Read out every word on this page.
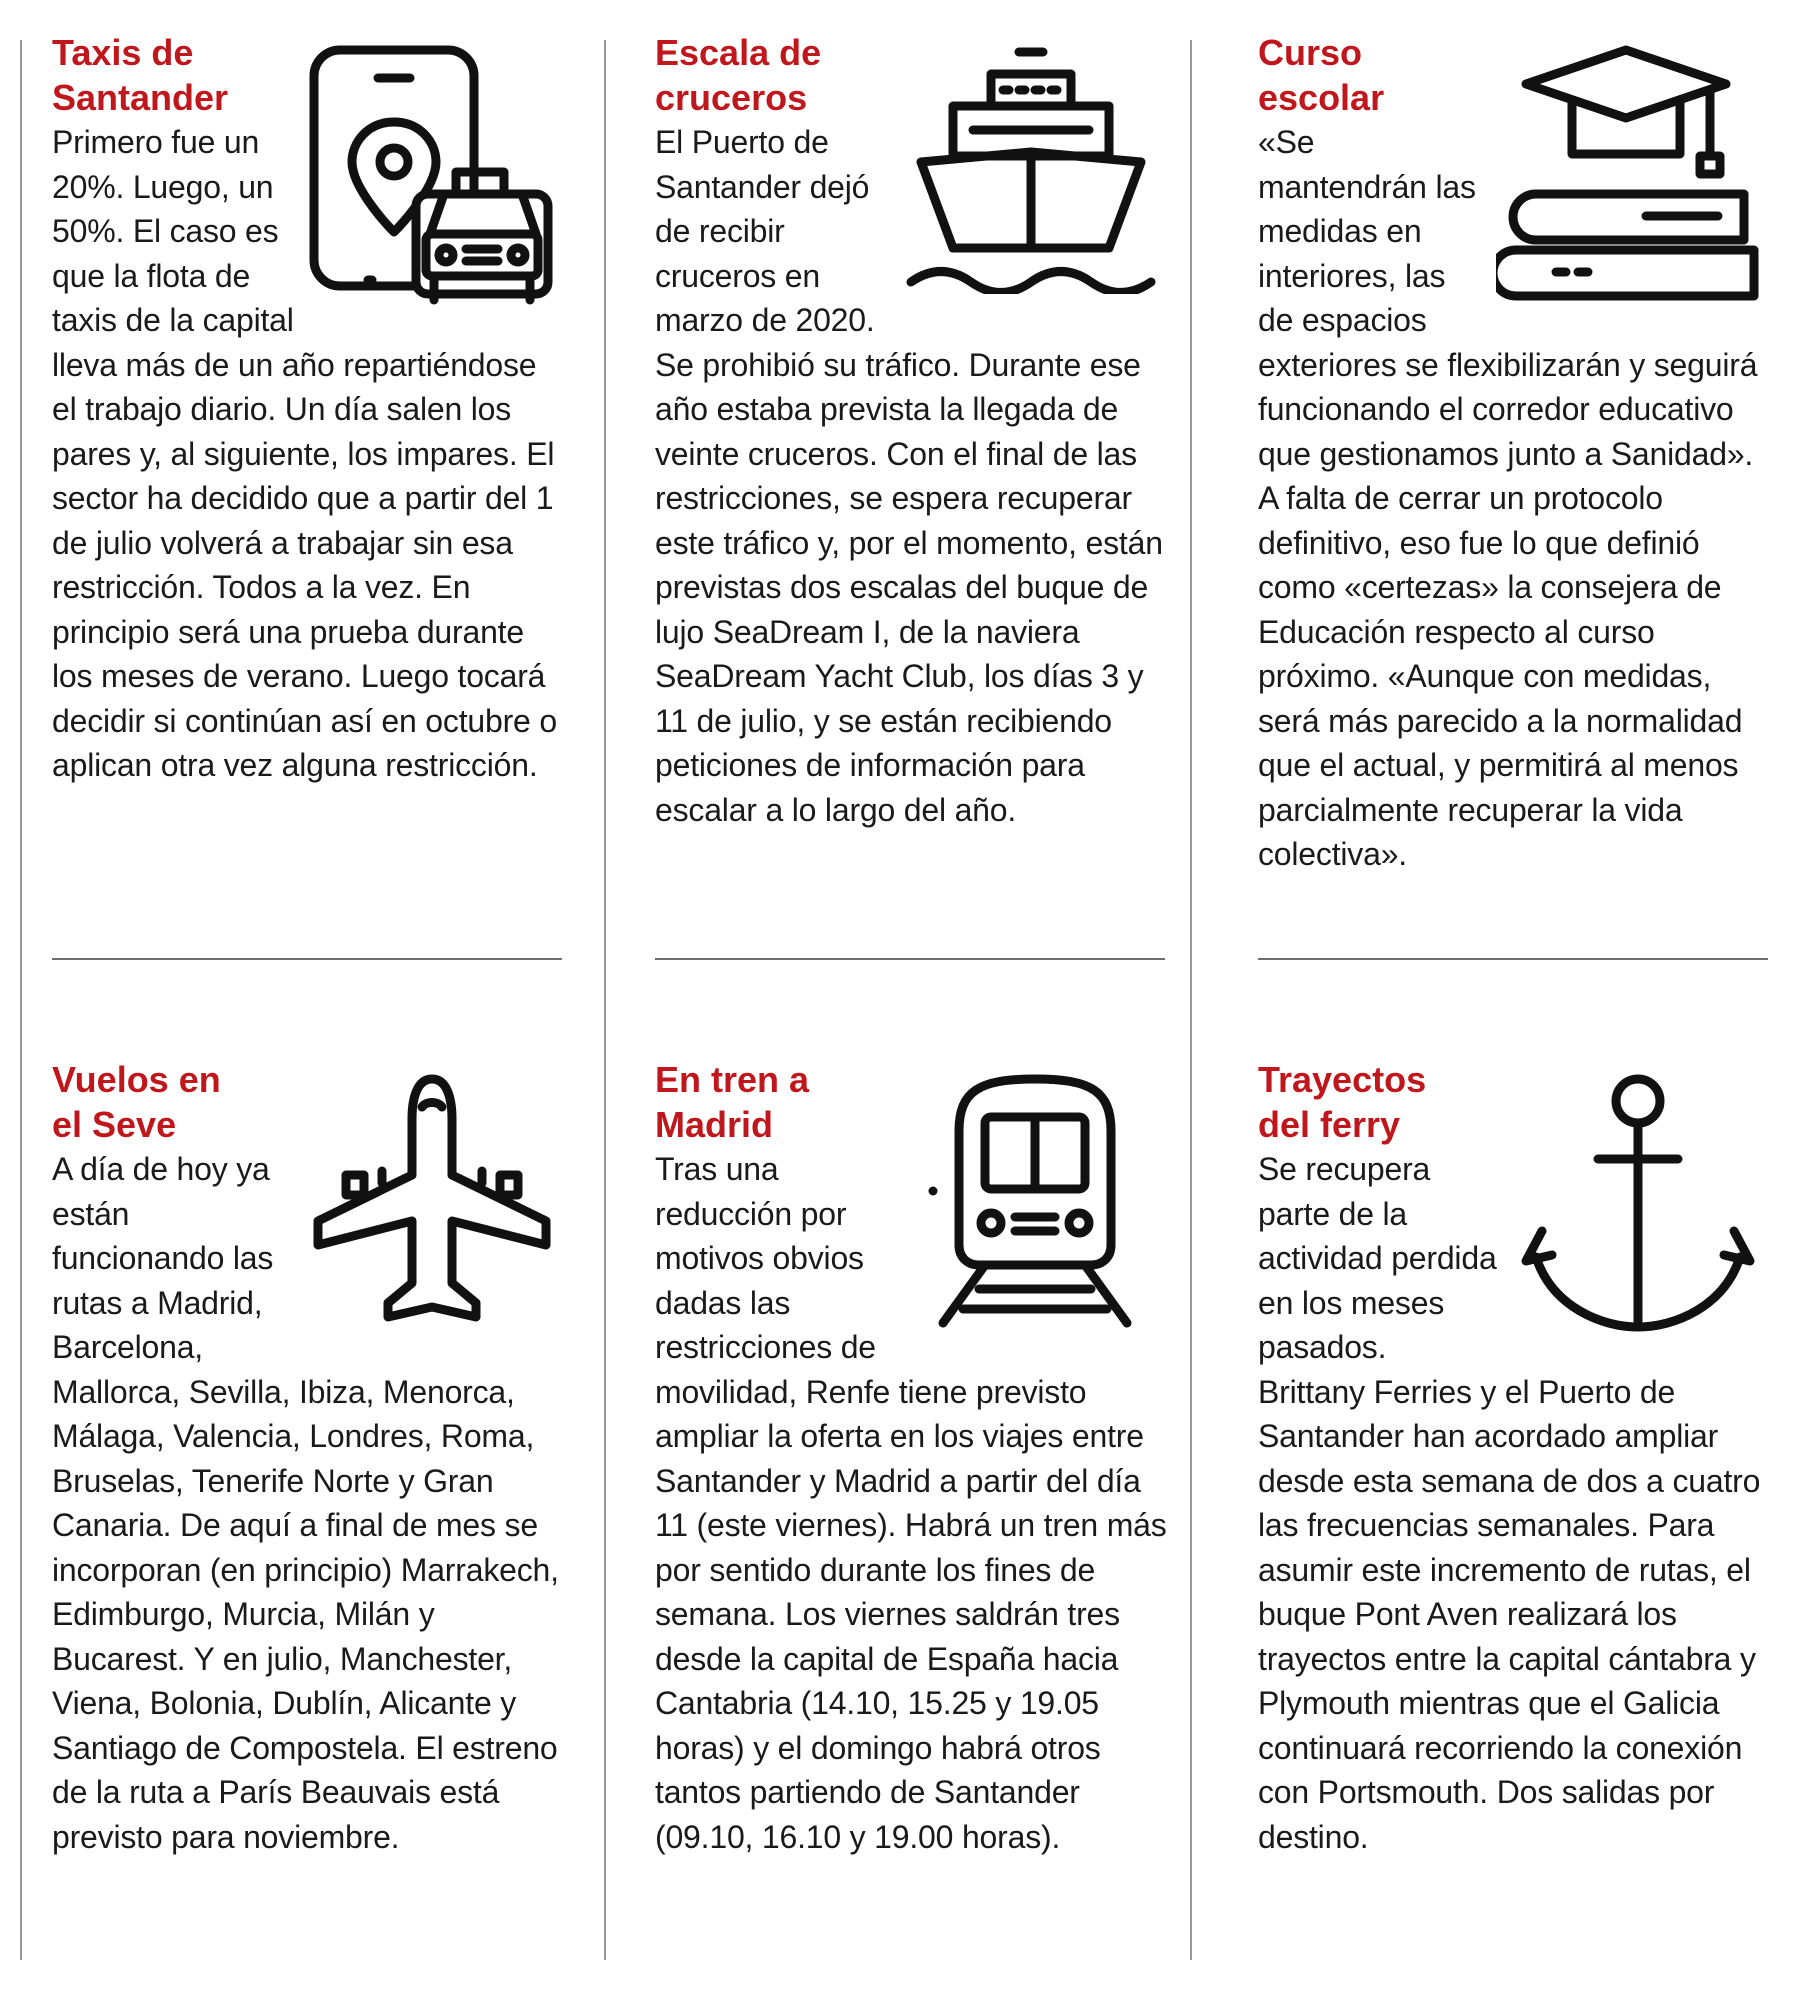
Taxis de
Santander

Primero fue un 20%. Luego, un 50%. El caso es que la flota de taxis de la capital lleva más de un año repartiéndose el trabajo diario. Un día salen los pares y, al siguiente, los impares. El sector ha decidido que a partir del 1 de julio volverá a trabajar sin esa restricción. Todos a la vez. En principio será una prueba durante los meses de verano. Luego tocará decidir si continúan así en octubre o aplican otra vez alguna restricción.

Escala de
cruceros

El Puerto de Santander dejó de recibir cruceros en marzo de 2020. Se prohibió su tráfico. Durante ese año estaba prevista la llegada de veinte cruceros. Con el final de las restricciones, se espera recuperar este tráfico y, por el momento, están previstas dos escalas del buque de lujo SeaDream I, de la naviera SeaDream Yacht Club, los días 3 y 11 de julio, y se están recibiendo peticiones de información para escalar a lo largo del año.

Curso
escolar

«Se mantendrán las medidas en interiores, las de espacios exteriores se flexibilizarán y seguirá funcionando el corredor educativo que gestionamos junto a Sanidad». A falta de cerrar un protocolo definitivo, eso fue lo que definió como «certezas» la consejera de Educación respecto al curso próximo. «Aunque con medidas, será más parecido a la normalidad que el actual, y permitirá al menos parcialmente recuperar la vida colectiva».

Vuelos en
el Seve

A día de hoy ya están funcionando las rutas a Madrid, Barcelona, Mallorca, Sevilla, Ibiza, Menorca, Málaga, Valencia, Londres, Roma, Bruselas, Tenerife Norte y Gran Canaria. De aquí a final de mes se incorporan (en principio) Marrakech, Edimburgo, Murcia, Milán y Bucarest. Y en julio, Manchester, Viena, Bolonia, Dublín, Alicante y Santiago de Compostela. El estreno de la ruta a París Beauvais está previsto para noviembre.

En tren a
Madrid

Tras una reducción por motivos obvios dadas las restricciones de movilidad, Renfe tiene previsto ampliar la oferta en los viajes entre Santander y Madrid a partir del día 11 (este viernes). Habrá un tren más por sentido durante los fines de semana. Los viernes saldrán tres desde la capital de España hacia Cantabria (14.10, 15.25 y 19.05 horas) y el domingo habrá otros tantos partiendo de Santander (09.10, 16.10 y 19.00 horas).

Trayectos
del ferry

Se recupera parte de la actividad perdida en los meses pasados. Brittany Ferries y el Puerto de Santander han acordado ampliar desde esta semana de dos a cuatro las frecuencias semanales. Para asumir este incremento de rutas, el buque Pont Aven realizará los trayectos entre la capital cántabra y Plymouth mientras que el Galicia continuará recorriendo la conexión con Portsmouth. Dos salidas por destino.
